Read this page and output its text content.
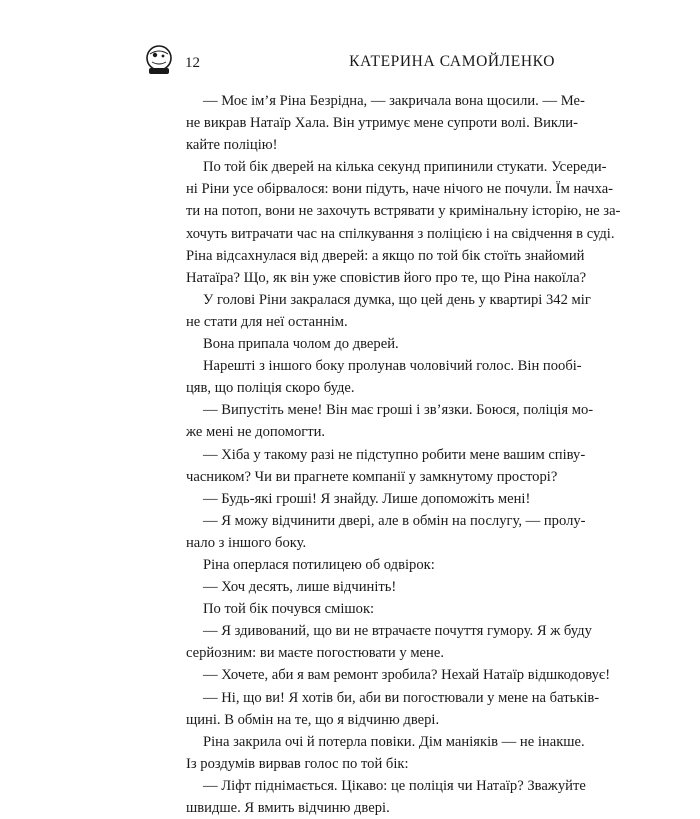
12	КАТЕРИНА САМОЙЛЕНКО
— Моє ім’я Ріна Безрідна, — закричала вона щосили. — Ме-
не викрав Натаїр Хала. Він утримує мене супроти волі. Викли-
кайте поліцію!
По той бік дверей на кілька секунд припинили стукати. Усереди-
ні Ріни усе обірвалося: вони підуть, наче нічого не почули. Їм начха-
ти на потоп, вони не захочуть встрявати у кримінальну історію, не за-
хочуть витрачати час на спілкування з поліцією і на свідчення в суді.
Ріна відсахнулася від дверей: а якщо по той бік стоїть знайомий
Натаїра? Що, як він уже сповістив його про те, що Ріна накоїла?
У голові Ріни закралася думка, що цей день у квартирі 342 міг
не стати для неї останнім.
Вона припала чолом до дверей.
Нарешті з іншого боку пролунав чоловічий голос. Він пообі-
цяв, що поліція скоро буде.
— Випустіть мене! Він має гроші і зв’язки. Боюся, поліція мо-
же мені не допомогти.
— Хіба у такому разі не підступно робити мене вашим співу-
часником? Чи ви прагнете компанії у замкнутому просторі?
— Будь-які гроші! Я знайду. Лише допоможіть мені!
— Я можу відчинити двері, але в обмін на послугу, — пролу-
нало з іншого боку.
Ріна оперлася потилицею об одвірок:
— Хоч десять, лише відчиніть!
По той бік почувся смішок:
— Я здивований, що ви не втрачаєте почуття гумору. Я ж буду
серйозним: ви маєте погостювати у мене.
— Хочете, аби я вам ремонт зробила? Нехай Натаїр відшкодовує!
— Ні, що ви! Я хотів би, аби ви погостювали у мене на батьків-
щині. В обмін на те, що я відчиню двері.
Ріна закрила очі й потерла повіки. Дім маніяків — не інакше.
Із роздумів вирвав голос по той бік:
— Ліфт піднімається. Цікаво: це поліція чи Натаїр? Зважуйте
швидше. Я вмить відчиню двері.
